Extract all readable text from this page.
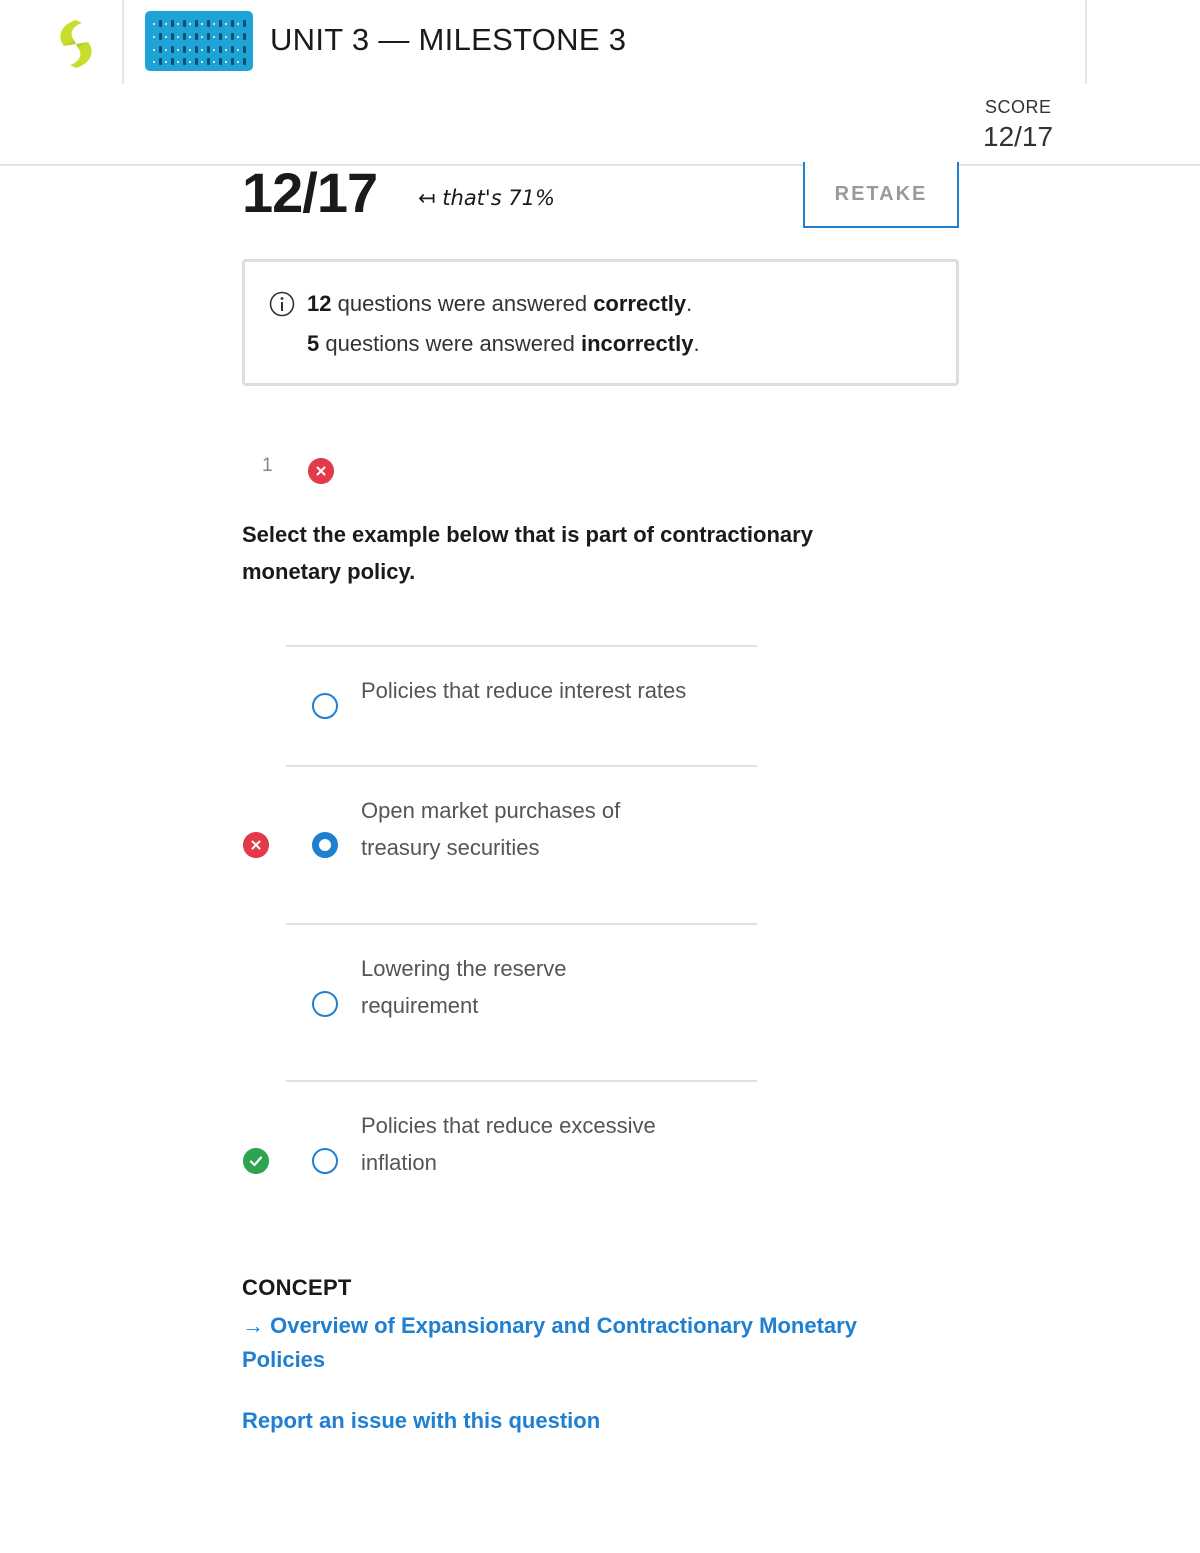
UNIT 3 — MILESTONE 3
SCORE
12/17
12/17 ↤ that's 71%	RETAKE
12 questions were answered correctly.
5 questions were answered incorrectly.
1
Select the example below that is part of contractionary monetary policy.
Policies that reduce interest rates
Open market purchases of treasury securities
Lowering the reserve requirement
Policies that reduce excessive inflation
CONCEPT
→ Overview of Expansionary and Contractionary Monetary Policies
Report an issue with this question
